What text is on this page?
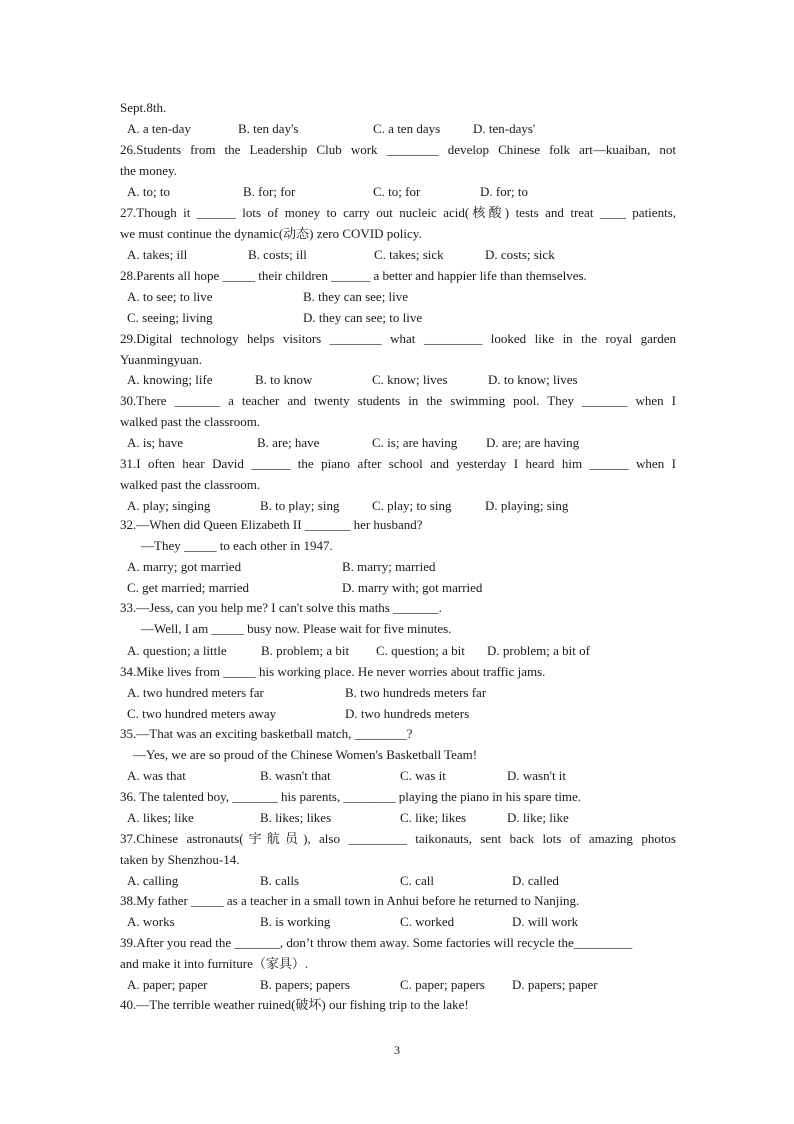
Sept.8th.
A. a ten-day	B. ten day's	C. a ten days	D. ten-days'
26.Students from the Leadership Club work ________ develop Chinese folk art—kuaiban, not
the money.
A. to; to	B. for; for	C. to; for	D. for; to
27.Though it ______ lots of money to carry out nucleic acid(核酸) tests and treat ____ patients,
we must continue the dynamic(动态) zero COVID policy.
A. takes; ill	B. costs; ill	C. takes; sick	D. costs; sick
28.Parents all hope _____ their children ______ a better and happier life than themselves.
A. to see; to live	B. they can see; live
C. seeing; living	D. they can see; to live
29.Digital technology helps visitors ________ what _________ looked like in the royal garden
Yuanmingyuan.
A. knowing; life	B. to know	C. know; lives	D. to know; lives
30.There _______ a teacher and twenty students in the swimming pool. They _______ when I
walked past the classroom.
A. is; have	B. are; have	C. is; are having D. are; are having
31.I often hear David ______ the piano after school and yesterday I heard him ______ when I
walked past the classroom.
A. play; singing	B. to play; sing	C. play; to sing	D. playing; sing
32.—When did Queen Elizabeth II _______ her husband?
—They _____ to each other in 1947.
A. marry; got married	B. marry; married
C. get married; married	D. marry with; got married
33.—Jess, can you help me? I can't solve this maths _______.
—Well, I am _____ busy now. Please wait for five minutes.
A. question; a little	B. problem; a bit C. question; a bit D. problem; a bit of
34.Mike lives from _____ his working place. He never worries about traffic jams.
A. two hundred meters far	B. two hundreds meters far
C. two hundred meters away	D. two hundreds meters
35.—That was an exciting basketball match, ________?
—Yes, we are so proud of the Chinese Women's Basketball Team!
A. was that	B. wasn't that	C. was it	D. wasn't it
36. The talented boy, _______ his parents, ________ playing the piano in his spare time.
A. likes; like	B. likes; likes	C. like; likes	D. like; like
37.Chinese astronauts(宇航员), also _________ taikonauts, sent back lots of amazing photos
taken by Shenzhou-14.
A. calling	B. calls	C. call	D. called
38.My father _____ as a teacher in a small town in Anhui before he returned to Nanjing.
A. works	B. is working	C. worked	D. will work
39.After you read the _______, don’t throw them away. Some factories will recycle the_________
and make it into furniture（家具）.
A. paper; paper	B. papers; papers	C. paper; papers D. papers; paper
40.—The terrible weather ruined(破坏) our fishing trip to the lake!
3
